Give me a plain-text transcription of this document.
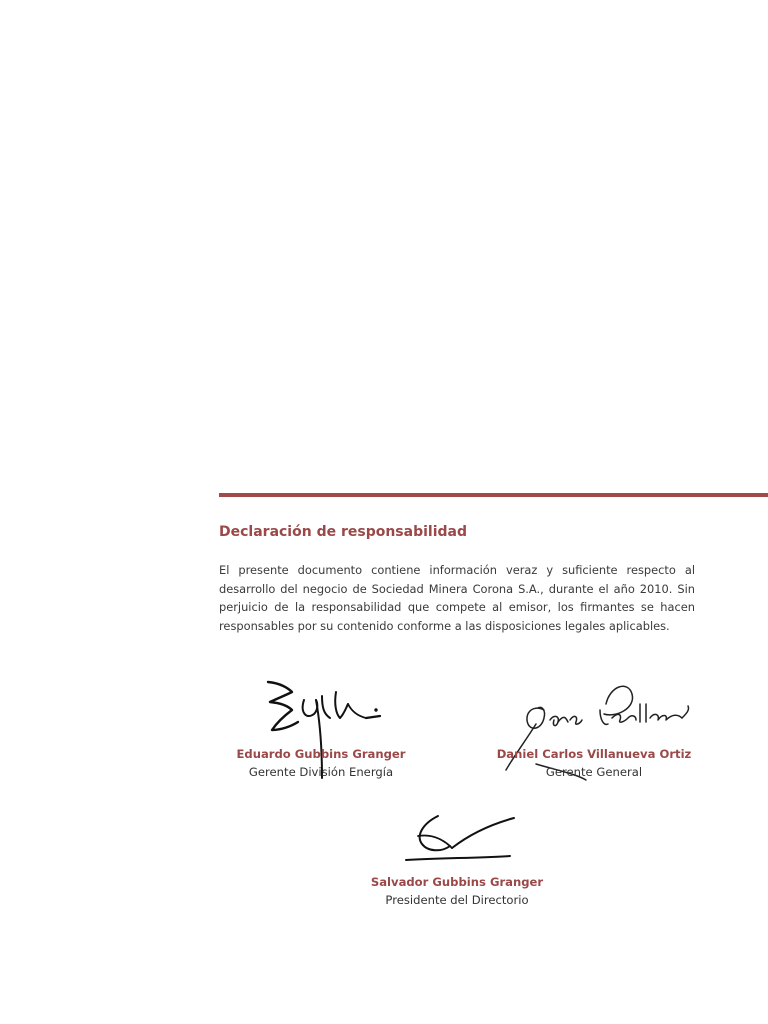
Declaración de responsabilidad

El presente documento contiene información veraz y suficiente respecto al desarrollo del negocio de Sociedad Minera Corona S.A., durante el año 2010. Sin perjuicio de la responsabilidad que compete al emisor, los firmantes se hacen responsables por su contenido conforme a las disposiciones legales aplicables.

Eduardo Gubbins Granger
Gerente División Energía
Daniel Carlos Villanueva Ortiz
Gerente General
Salvador Gubbins Granger
Presidente del Directorio
